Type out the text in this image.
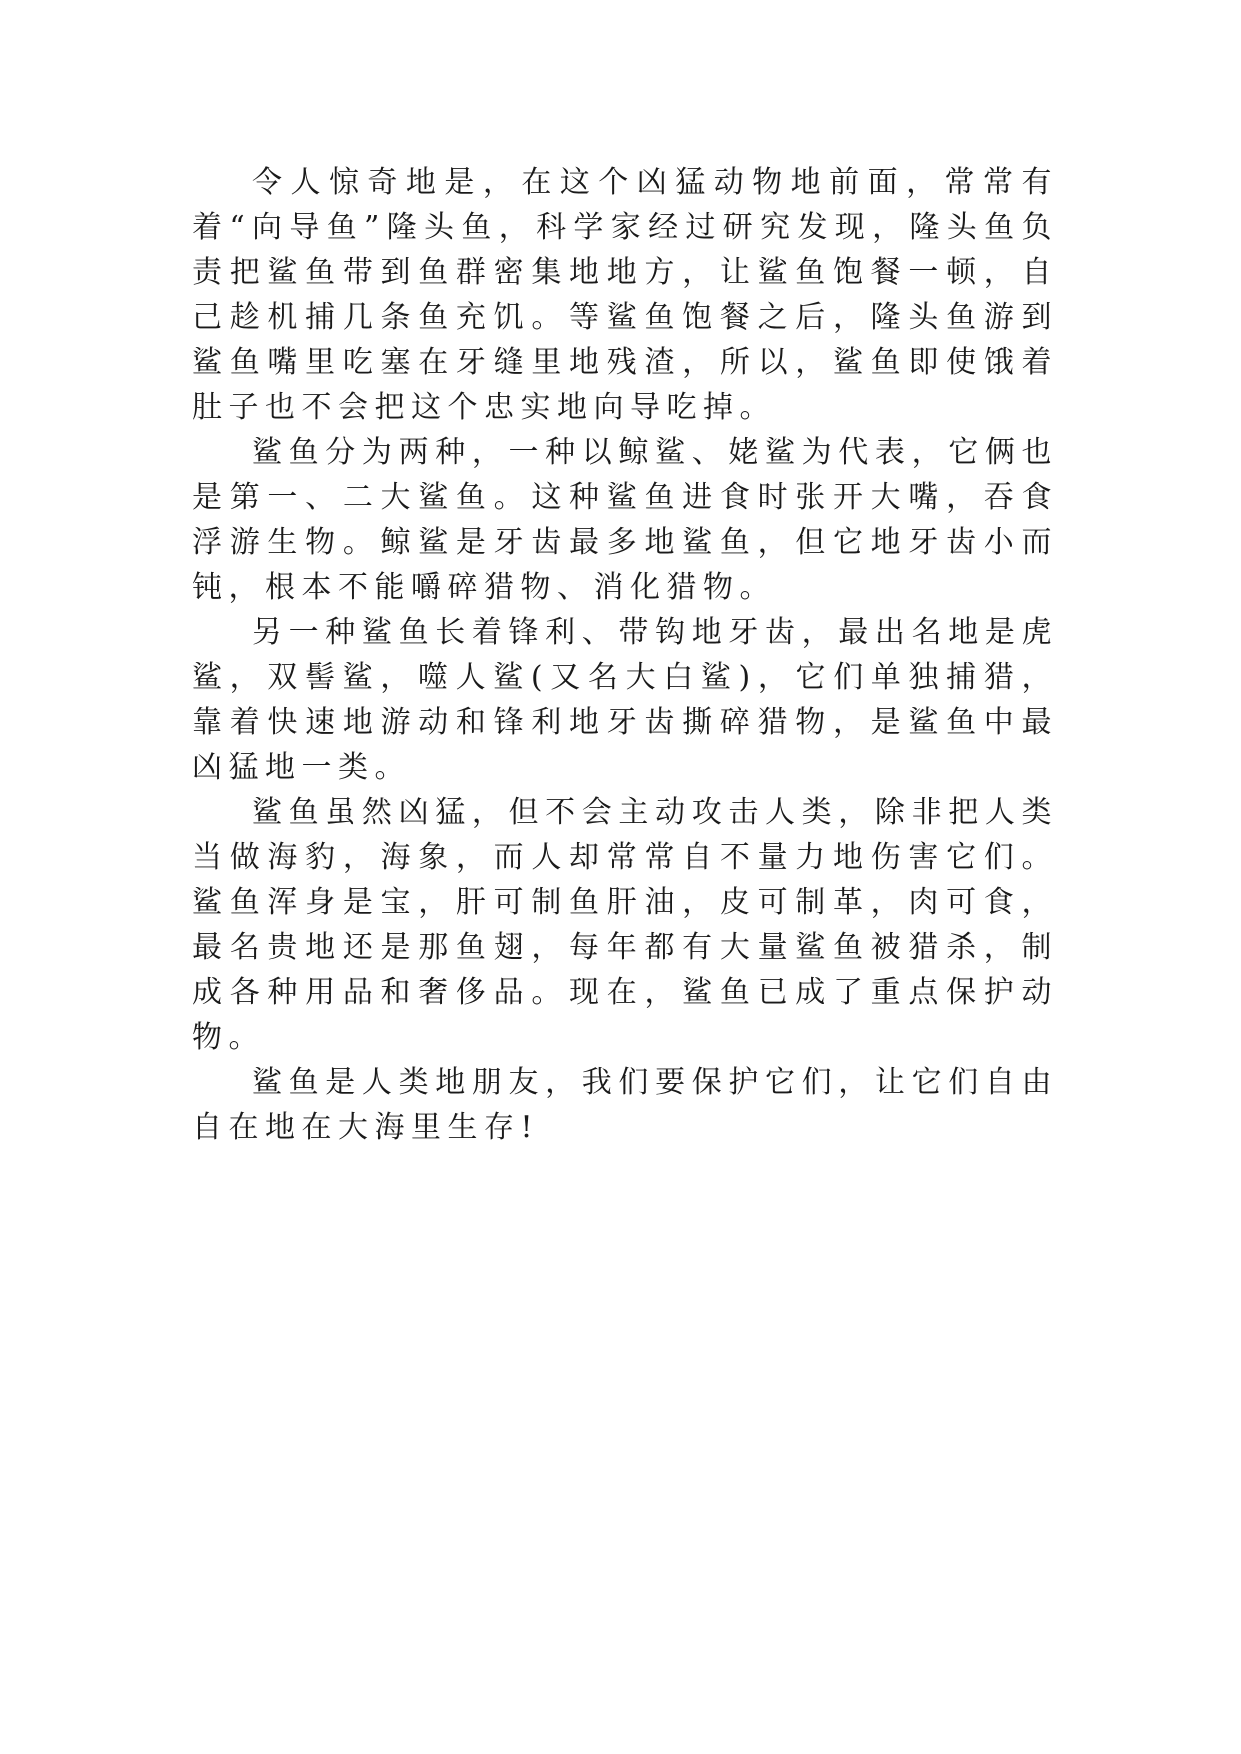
令人惊奇地是，在这个凶猛动物地前面，常常有着“向导鱼”隆头鱼，科学家经过研究发现，隆头鱼负责把鲨鱼带到鱼群密集地地方，让鲨鱼饱餐一顿，自己趁机捕几条鱼充饥。等鲨鱼饱餐之后，隆头鱼游到鲨鱼嘴里吃塞在牙缝里地残渣，所以，鲨鱼即使饿着肚子也不会把这个忠实地向导吃掉。

鲨鱼分为两种，一种以鲸鲨、姥鲨为代表，它俩也是第一、二大鲨鱼。这种鲨鱼进食时张开大嘴，吞食浮游生物。鲸鲨是牙齿最多地鲨鱼，但它地牙齿小而钝，根本不能嚼碎猎物、消化猎物。

另一种鲨鱼长着锋利、带钩地牙齿，最出名地是虎鲨，双髻鲨，噬人鲨(又名大白鲨)，它们单独捕猎，靠着快速地游动和锋利地牙齿撕碎猎物，是鲨鱼中最凶猛地一类。

鲨鱼虽然凶猛，但不会主动攻击人类，除非把人类当做海豹，海象，而人却常常自不量力地伤害它们。鲨鱼浑身是宝，肝可制鱼肝油，皮可制革，肉可食，最名贵地还是那鱼翅，每年都有大量鲨鱼被猎杀，制成各种用品和奢侈品。现在，鲨鱼已成了重点保护动物。

鲨鱼是人类地朋友，我们要保护它们，让它们自由自在地在大海里生存!
